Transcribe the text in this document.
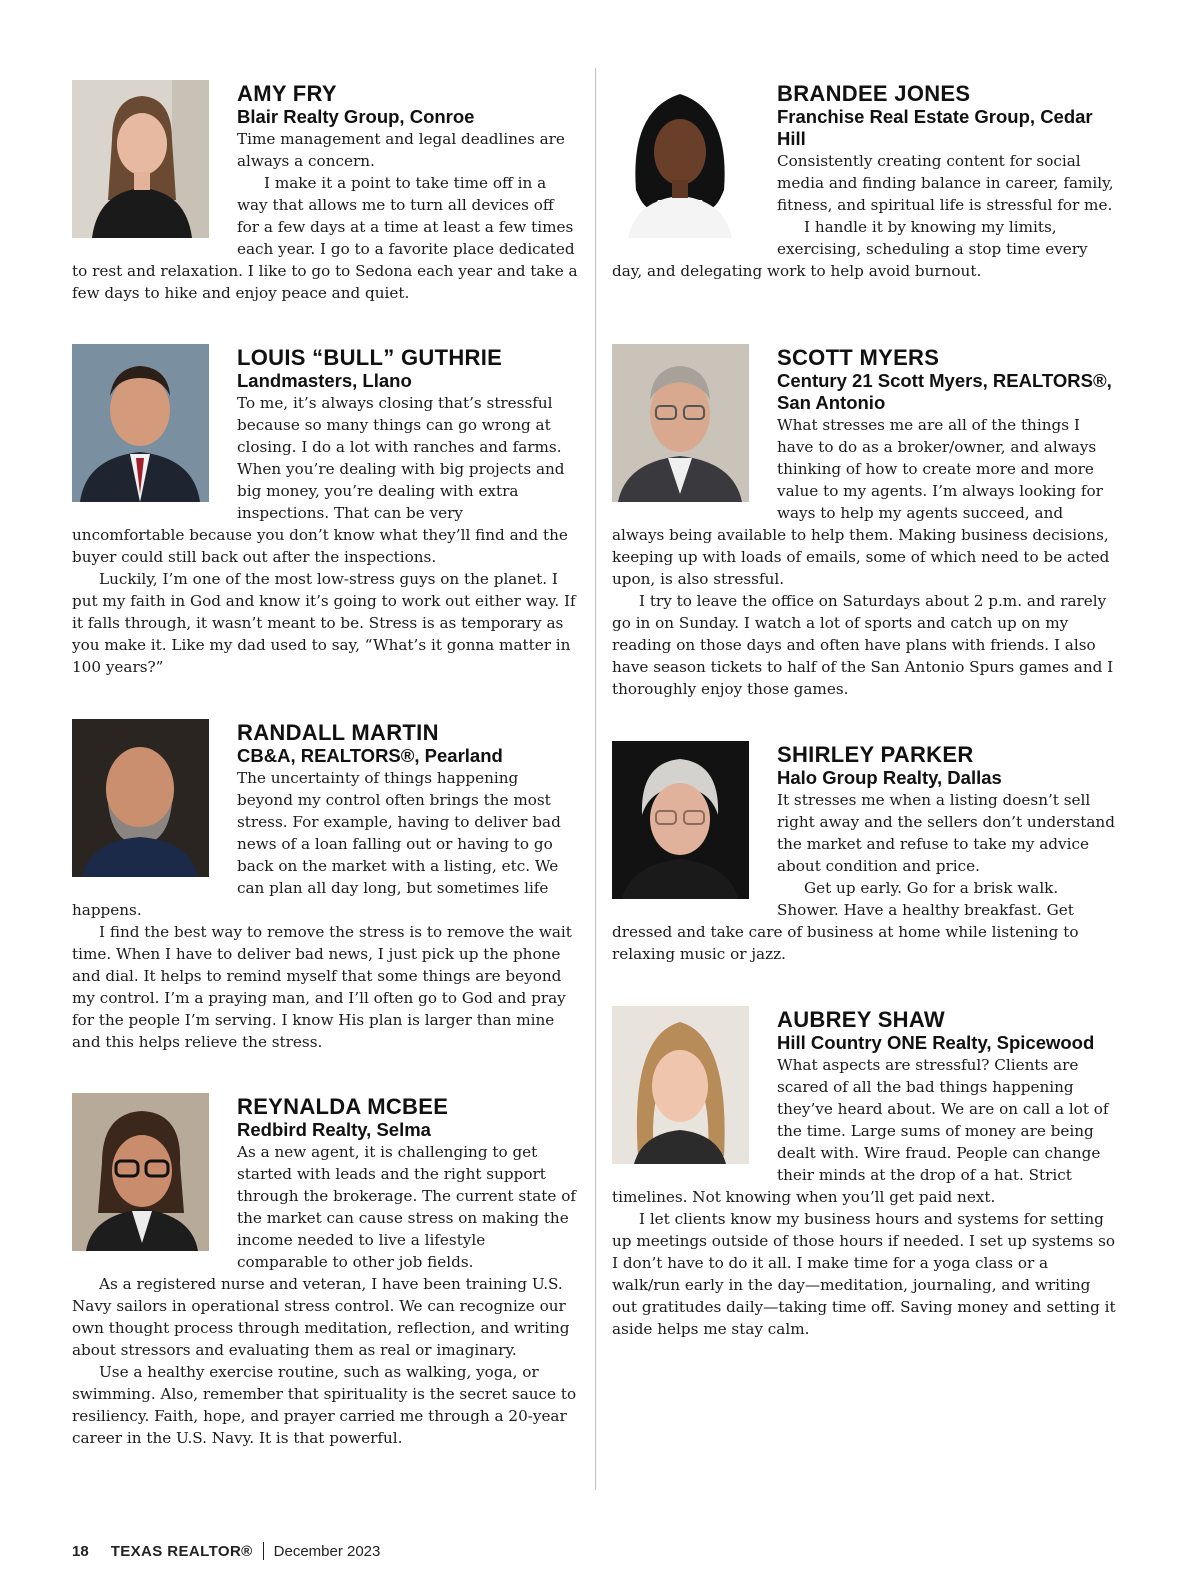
AMY FRY
Blair Realty Group, Conroe

Time management and legal deadlines are always a concern.

I make it a point to take time off in a way that allows me to turn all devices off for a few days at a time at least a few times each year. I go to a favorite place dedicated to rest and relaxation. I like to go to Sedona each year and take a few days to hike and enjoy peace and quiet.

LOUIS “BULL” GUTHRIE
Landmasters, Llano

To me, it’s always closing that’s stressful because so many things can go wrong at closing. I do a lot with ranches and farms. When you’re dealing with big projects and big money, you’re dealing with extra inspections. That can be very uncomfortable because you don’t know what they’ll find and the buyer could still back out after the inspections.

Luckily, I’m one of the most low-stress guys on the planet. I put my faith in God and know it’s going to work out either way. If it falls through, it wasn’t meant to be. Stress is as temporary as you make it. Like my dad used to say, “What’s it gonna matter in 100 years?”

RANDALL MARTIN
CB&A, REALTORS®, Pearland

The uncertainty of things happening beyond my control often brings the most stress. For example, having to deliver bad news of a loan falling out or having to go back on the market with a listing, etc. We can plan all day long, but sometimes life happens.

I find the best way to remove the stress is to remove the wait time. When I have to deliver bad news, I just pick up the phone and dial. It helps to remind myself that some things are beyond my control. I’m a praying man, and I’ll often go to God and pray for the people I’m serving. I know His plan is larger than mine and this helps relieve the stress.

REYNALDA MCBEE
Redbird Realty, Selma

As a new agent, it is challenging to get started with leads and the right support through the brokerage. The current state of the market can cause stress on making the income needed to live a lifestyle comparable to other job fields.

As a registered nurse and veteran, I have been training U.S. Navy sailors in operational stress control. We can recognize our own thought process through meditation, reflection, and writing about stressors and evaluating them as real or imaginary.

Use a healthy exercise routine, such as walking, yoga, or swimming. Also, remember that spirituality is the secret sauce to resiliency. Faith, hope, and prayer carried me through a 20-year career in the U.S. Navy. It is that powerful.

BRANDEE JONES
Franchise Real Estate Group, Cedar Hill

Consistently creating content for social media and finding balance in career, family, fitness, and spiritual life is stressful for me.

I handle it by knowing my limits, exercising, scheduling a stop time every day, and delegating work to help avoid burnout.

SCOTT MYERS
Century 21 Scott Myers, REALTORS®, San Antonio

What stresses me are all of the things I have to do as a broker/owner, and always thinking of how to create more and more value to my agents. I’m always looking for ways to help my agents succeed, and always being available to help them. Making business decisions, keeping up with loads of emails, some of which need to be acted upon, is also stressful.

I try to leave the office on Saturdays about 2 p.m. and rarely go in on Sunday. I watch a lot of sports and catch up on my reading on those days and often have plans with friends. I also have season tickets to half of the San Antonio Spurs games and I thoroughly enjoy those games.

SHIRLEY PARKER
Halo Group Realty, Dallas

It stresses me when a listing doesn’t sell right away and the sellers don’t understand the market and refuse to take my advice about condition and price.

Get up early. Go for a brisk walk. Shower. Have a healthy breakfast. Get dressed and take care of business at home while listening to relaxing music or jazz.

AUBREY SHAW
Hill Country ONE Realty, Spicewood

What aspects are stressful? Clients are scared of all the bad things happening they’ve heard about. We are on call a lot of the time. Large sums of money are being dealt with. Wire fraud. People can change their minds at the drop of a hat. Strict timelines. Not knowing when you’ll get paid next.

I let clients know my business hours and systems for setting up meetings outside of those hours if needed. I set up systems so I don’t have to do it all. I make time for a yoga class or a walk/run early in the day—meditation, journaling, and writing out gratitudes daily—taking time off. Saving money and setting it aside helps me stay calm.

18 TEXAS REALTOR® December 2023
